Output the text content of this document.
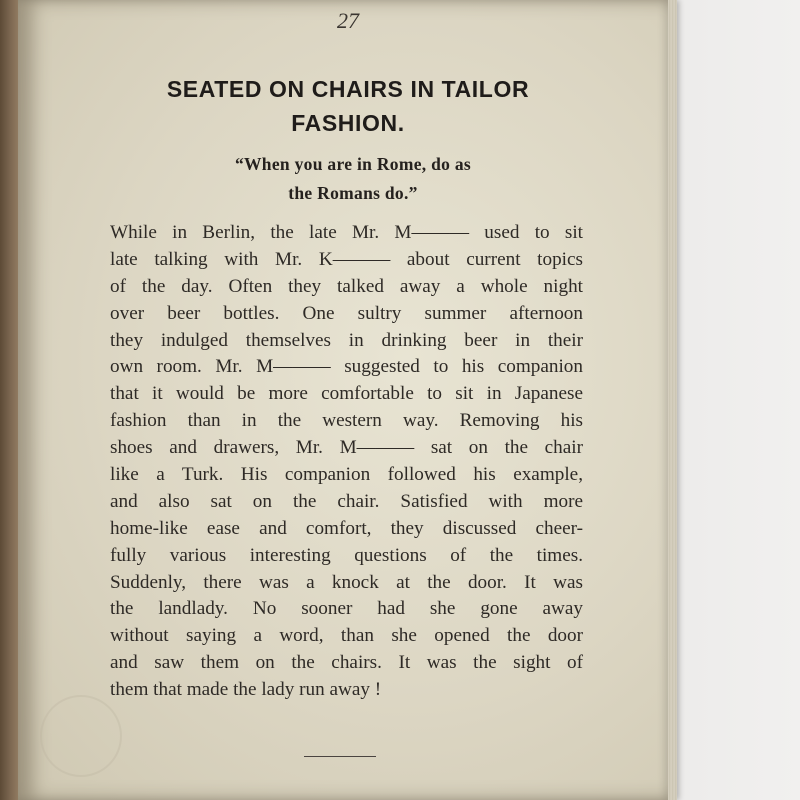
27
SEATED ON CHAIRS IN TAILOR
FASHION.
“When you are in Rome, do as
the Romans do.”
While in Berlin, the late Mr. M——— used to sit
late talking with Mr. K——— about current topics
of the day. Often they talked away a whole night
over beer bottles. One sultry summer afternoon
they indulged themselves in drinking beer in their
own room. Mr. M——— suggested to his companion
that it would be more comfortable to sit in Japanese
fashion than in the western way. Removing his
shoes and drawers, Mr. M——— sat on the chair
like a Turk. His companion followed his example,
and also sat on the chair. Satisfied with more
home-like ease and comfort, they discussed cheer-
fully various interesting questions of the times.
Suddenly, there was a knock at the door. It was
the landlady. No sooner had she gone away
without saying a word, than she opened the door
and saw them on the chairs. It was the sight of
them that made the lady run away !
